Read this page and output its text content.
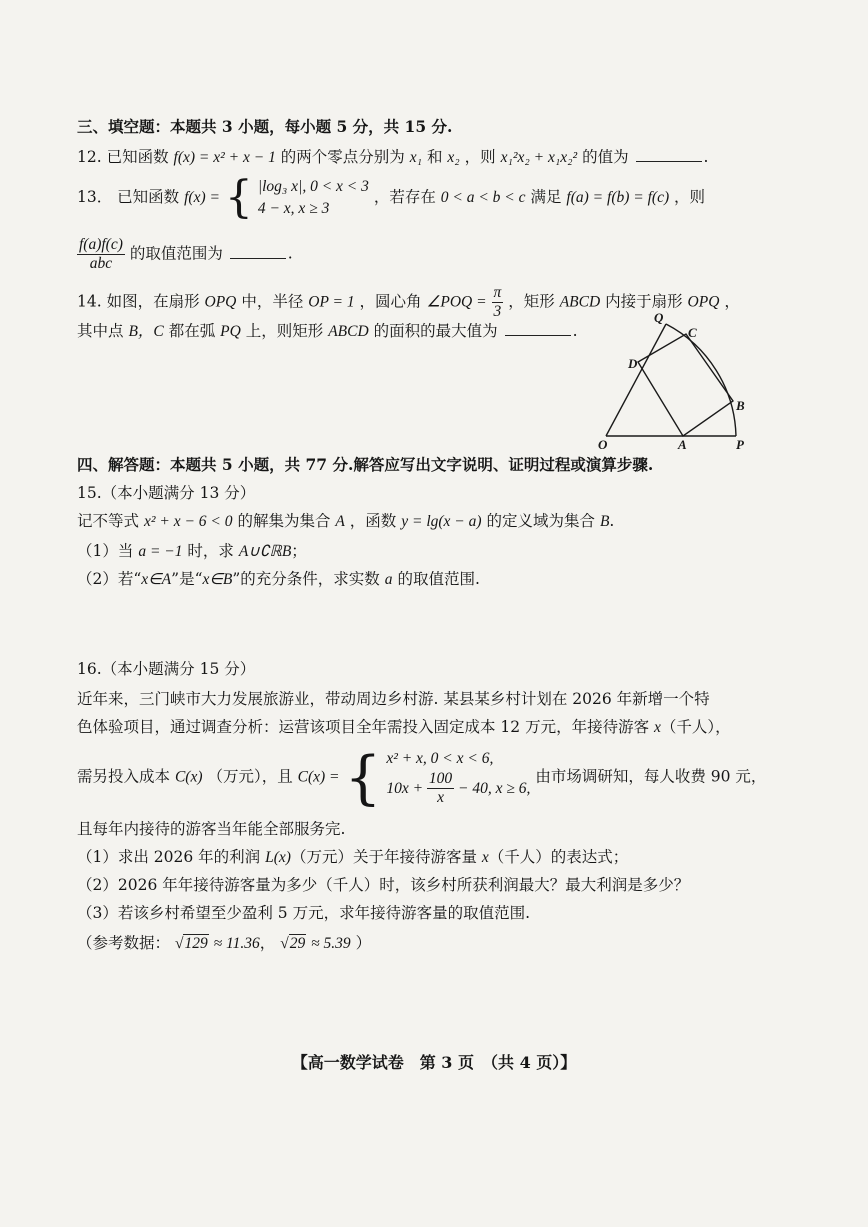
三、填空题：本题共 3 小题，每小题 5 分，共 15 分.
12. 已知函数 f(x) = x² + x − 1 的两个零点分别为 x₁ 和 x₂ ，则 x₁²x₂ + x₁x₂² 的值为	.
13． 已知函数 f(x) = { |log₃ x|, 0 < x < 3
4 − x, x ≥ 3
，若存在 0 < a < b < c 满足 f(a) = f(b) = f(c) ，则
$\frac{f(a)f(c)}{\text{abc}}$ 的取值范围为	.
14. 如图，在扇形 OPQ 中，半径 OP = 1 ，圆心角 ∠POQ = $\frac{\pi}{3}$ ，矩形 ABCD 内接于扇形 OPQ ，
其中点 B，C 都在弧 PQ 上，则矩形 ABCD 的面积的最大值为	.
Q
C
D
B
O	A	P
四、解答题：本题共 5 小题，共 77 分.解答应写出文字说明、证明过程或演算步骤.
15.（本小题满分 13 分）
记不等式 x² + x − 6 < 0 的解集为集合 A ，函数 y = lg(x − a) 的定义域为集合 B.
（1）当 a = −1 时，求 A∪∁ℝB；
（2）若“x∈A”是“x∈B”的充分条件，求实数 a 的取值范围.
16.（本小题满分 15 分）
近年来，三门峡市大力发展旅游业，带动周边乡村游. 某县某乡村计划在 2026 年新增一个特
色体验项目，通过调查分析：运营该项目全年需投入固定成本 12 万元，年接待游客 x（千人），
需另投入成本 C(x) （万元），且 C(x) = { x² + x, 0 < x < 6,
10x +
$\frac{100}{x}$
− 40, x ≥ 6,
由市场调研知，每人收费 90 元，
且每年内接待的游客当年能全部服务完.
（1）求出 2026 年的利润 L(x)（万元）关于年接待游客量 x（千人）的表达式；
（2）2026 年年接待游客量为多少（千人）时，该乡村所获利润最大？最大利润是多少？
（3）若该乡村希望至少盈利 5 万元，求年接待游客量的取值范围.
（参考数据： √129 ≈ 11.36， √29 ≈ 5.39 ）
【高一数学试卷　第 3 页　（共 4 页）】
